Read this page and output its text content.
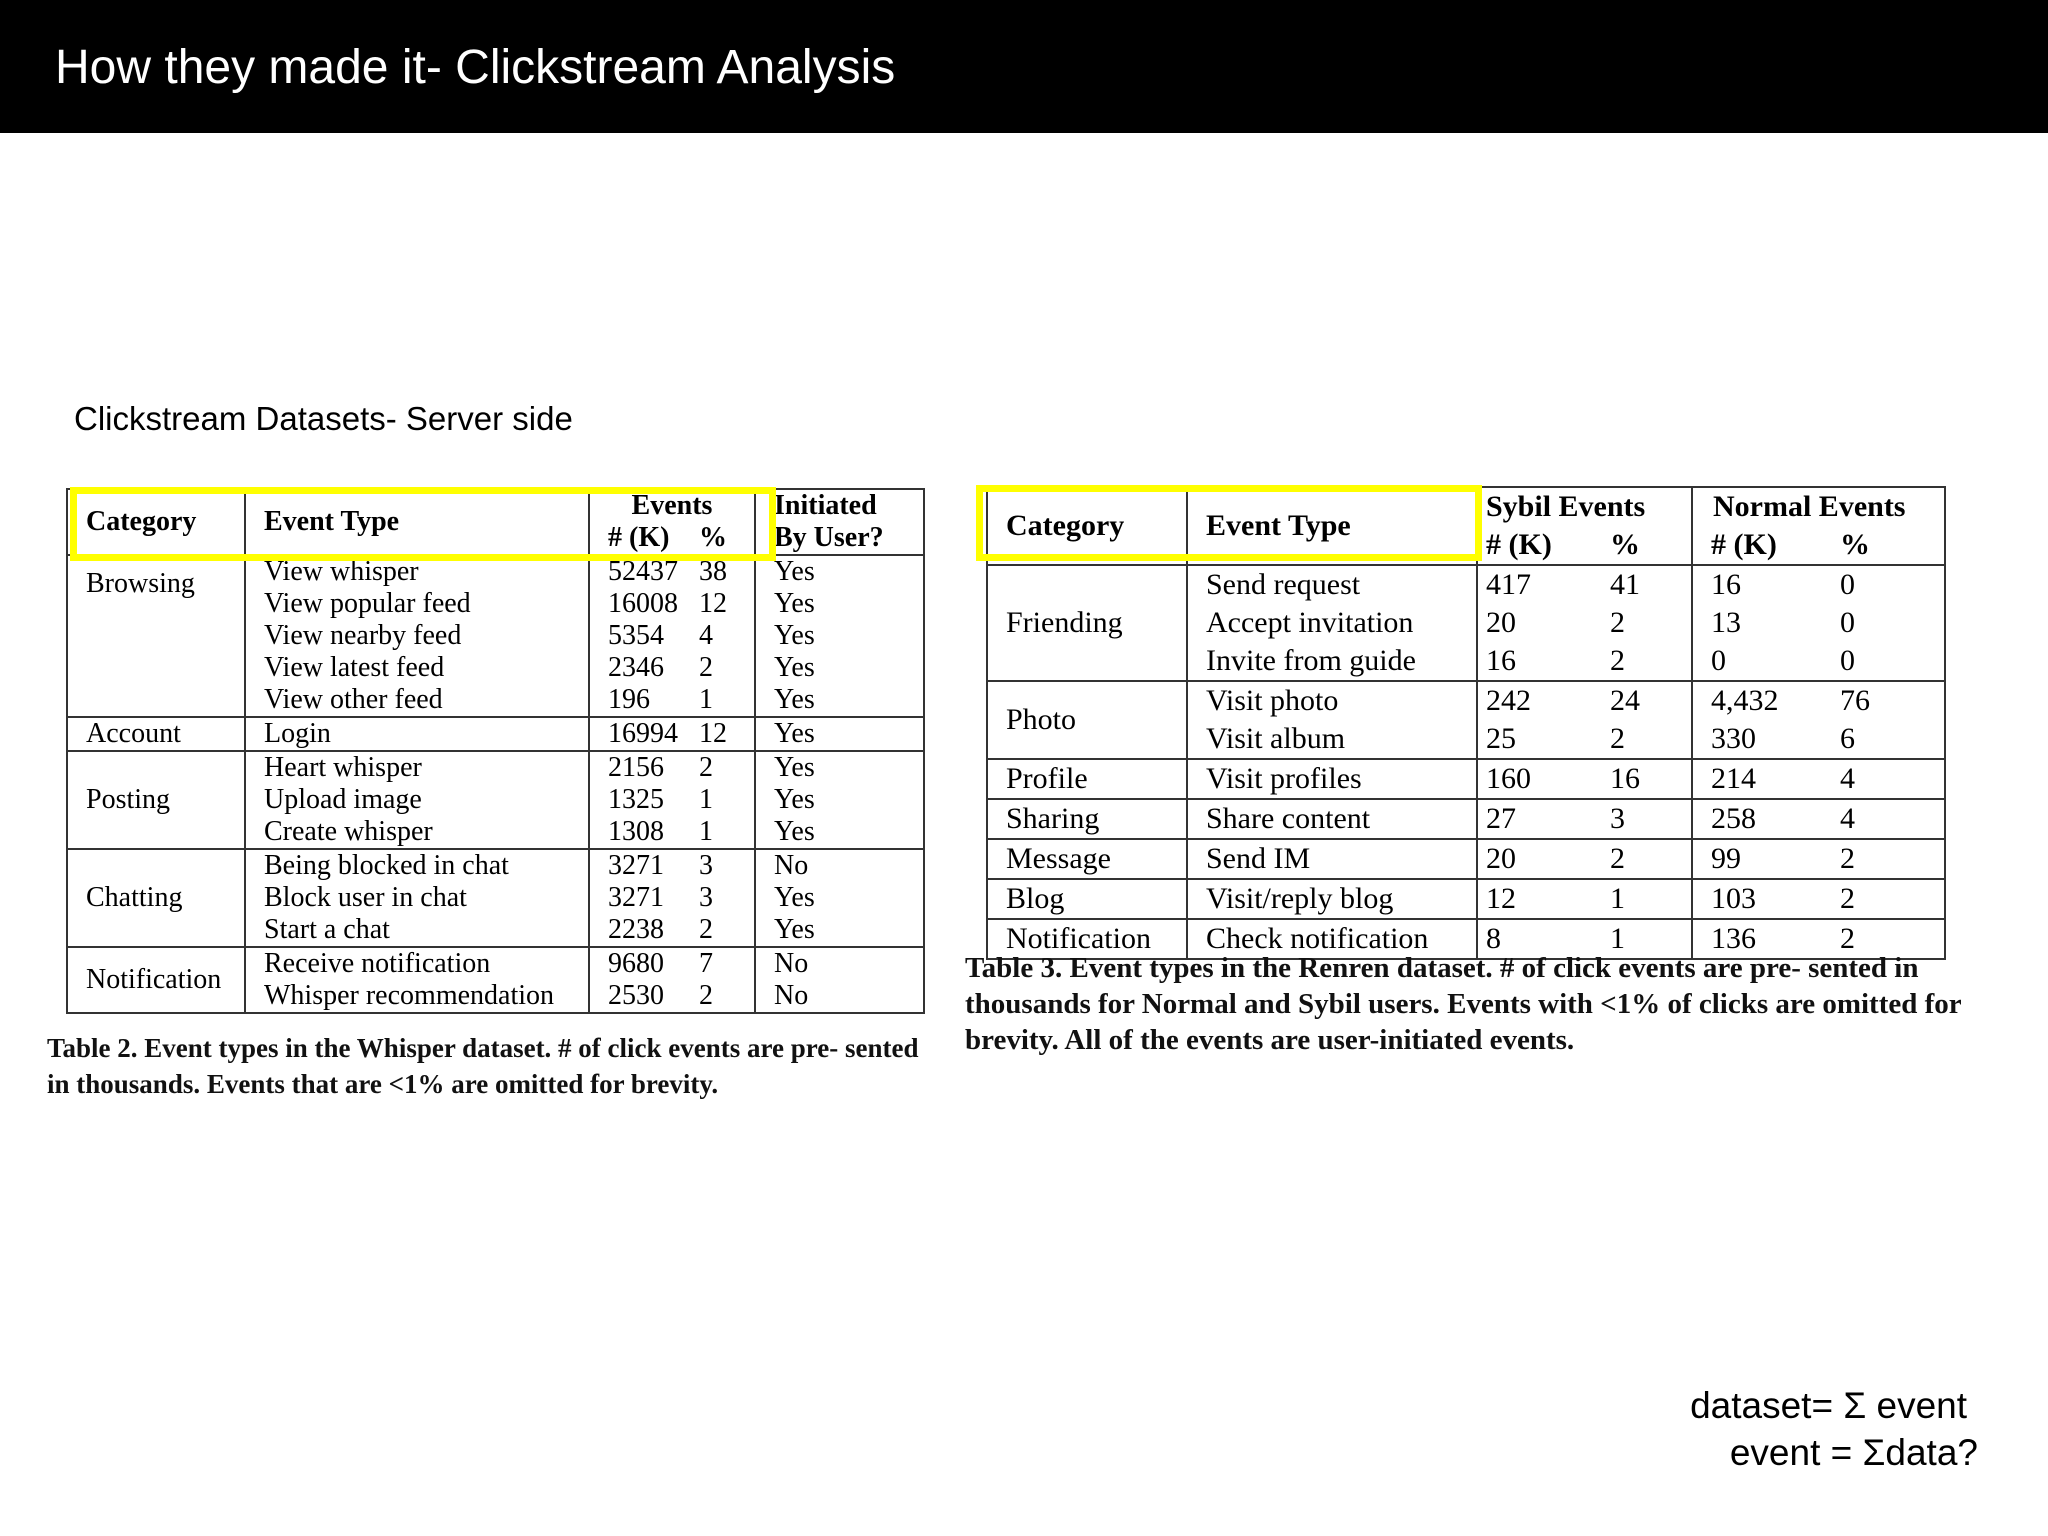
How they made it- Clickstream Analysis
Clickstream Datasets- Server side
Category	Event Type	Events		Initiated
		# (K)	%	By User?
Browsing	View whisper	52437	38	Yes
	View popular feed	16008	12	Yes
	View nearby feed	5354	4	Yes
	View latest feed	2346	2	Yes
	View other feed	196	1	Yes
Account	Login	16994	12	Yes
Posting	Heart whisper	2156	2	Yes
	Upload image	1325	1	Yes
	Create whisper	1308	1	Yes
Chatting	Being blocked in chat	3271	3	No
	Block user in chat	3271	3	Yes
	Start a chat	2238	2	Yes
Notification	Receive notification	9680	7	No
	Whisper recommendation	2530	2	No
Table 2. Event types in the Whisper dataset. # of click events are pre- sented in thousands. Events that are <1% are omitted for brevity.
Category	Event Type	Sybil Events		Normal Events	
		# (K)	%	# (K)	%
Friending	Send request	417	41	16	0
	Accept invitation	20	2	13	0
	Invite from guide	16	2	0	0
Photo	Visit photo	242	24	4,432	76
	Visit album	25	2	330	6
Profile	Visit profiles	160	16	214	4
Sharing	Share content	27	3	258	4
Message	Send IM	20	2	99	2
Blog	Visit/reply blog	12	1	103	2
Notification	Check notification	8	1	136	2
Table 3. Event types in the Renren dataset. # of click events are pre- sented in thousands for Normal and Sybil users. Events with <1% of clicks are omitted for brevity. All of the events are user-initiated events.
dataset= Σ event
event = Σdata?
